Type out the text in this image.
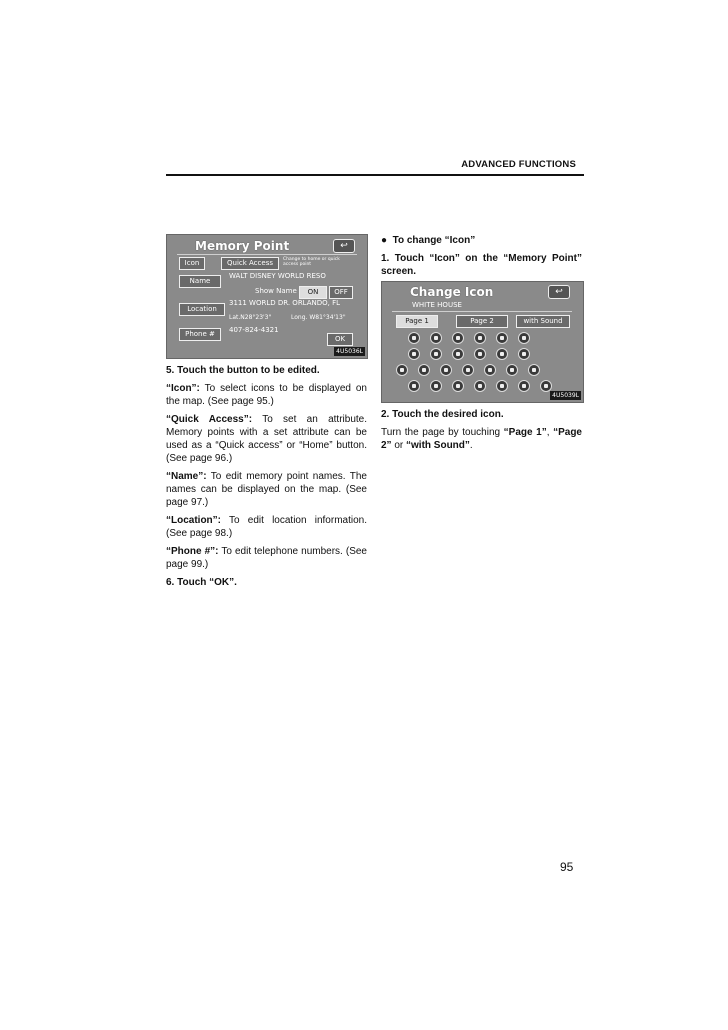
ADVANCED FUNCTIONS
Memory Point	↩
Icon	Quick Access	Change to home or quick access point
Name
WALT DISNEY WORLD RESO
Show Name	ON	OFF
Location
3111 WORLD DR. ORLANDO, FL
Lat.N28°23'3"	Long. W81°34'13"
Phone #	407-824-4321
OK
4U5036L

5. Touch the button to be edited.

“Icon”: To select icons to be displayed on the map. (See page 95.)

“Quick Access”: To set an attribute. Memory points with a set attribute can be used as a “Quick access” or “Home” button. (See page 96.)

“Name”: To edit memory point names. The names can be displayed on the map. (See page 97.)

“Location”: To edit location information. (See page 98.)

“Phone #”: To edit telephone numbers. (See page 99.)

6. Touch “OK”.

● To change “Icon”

1. Touch “Icon” on the “Memory Point” screen.

Change Icon	↩
WHITE HOUSE
Page 1	Page 2	with Sound
4U5039L

2. Touch the desired icon.

Turn the page by touching “Page 1”, “Page 2” or “with Sound”.

95
